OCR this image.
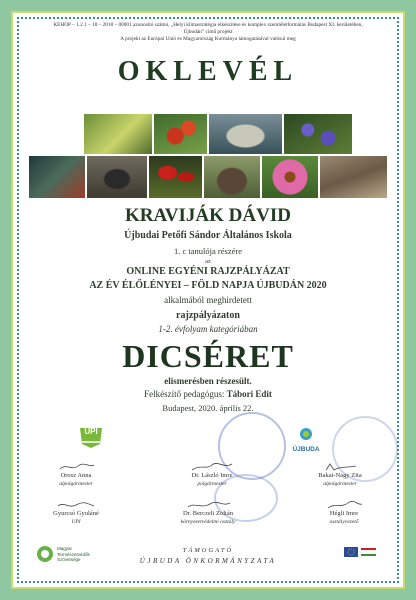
KEHOP – 1.2.1 – 18 – 2018 – 00001 azonosító számú, „Helyi klímastratégia elkészítése és komplex szemléletformálás Budapest XI. kerületében,
Újbudán” című projekt
A projekt az Európai Unió és Magyarország Kormánya támogatásával valósul meg
OKLEVÉL
KRAVIJÁK DÁVID
Újbudai Petőfi Sándor Általános Iskola
1. c tanulója részére
az
ONLINE EGYÉNI RAJZPÁLYÁZAT
AZ ÉV ÉLŐLÉNYEI – FÖLD NAPJA ÚJBUDÁN 2020
alkalmából meghirdetett
rajzpályázaton
1-2. évfolyam kategóriában
DICSÉRET
elismerésben részesült.
Felkészítő pedagógus: Tábori Edit
Budapest, 2020. április 22.
UPI
ÚJBUDA
Orosz Anna
alpolgármester
Dr. László Imre
polgármester
Bakai-Nagy Zita
alpolgármester
Gyurcsó Gyuláné
UPI
Dr. Berczeli Zoltán
környezetvédelmi osztály
Hégli Imre
osztályvezető
Magyar Természetvédők Szövetsége
TÁMOGATÓ
ÚJBUDA ÖNKORMÁNYZATA
